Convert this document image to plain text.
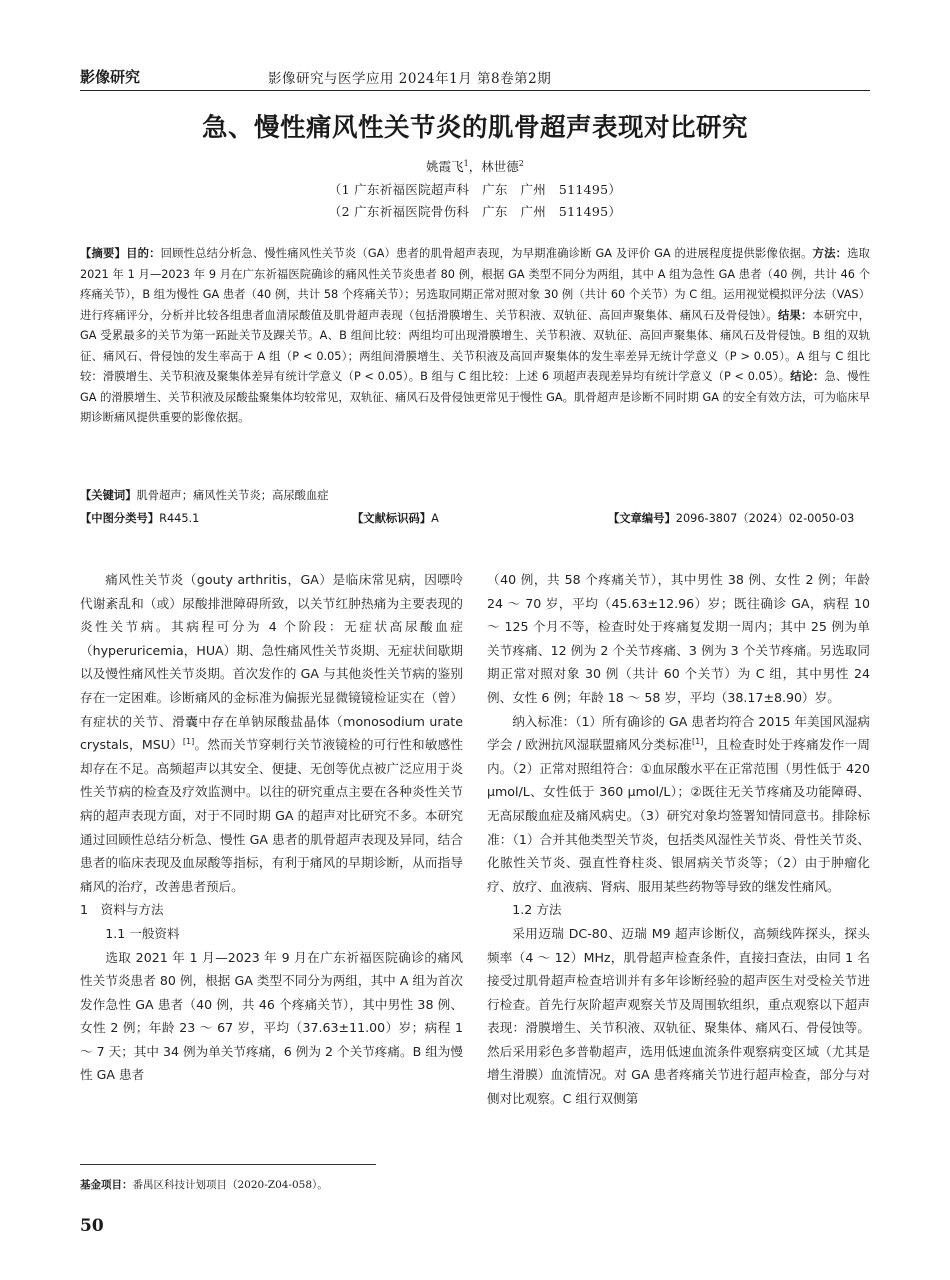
影像研究	影像研究与医学应用 2024年1月 第8卷第2期
急、慢性痛风性关节炎的肌骨超声表现对比研究
姚霞飞$^1$，林世德$^2$
（1 广东祈福医院超声科　广东　广州　511495）
（2 广东祈福医院骨伤科　广东　广州　511495）
【摘要】目的：回顾性总结分析急、慢性痛风性关节炎（GA）患者的肌骨超声表现，为早期准确诊断 GA 及评价 GA 的进展程度提供影像依据。方法：选取 2021 年 1 月—2023 年 9 月在广东祈福医院确诊的痛风性关节炎患者 80 例，根据 GA 类型不同分为两组，其中 A 组为急性 GA 患者（40 例，共计 46 个疼痛关节），B 组为慢性 GA 患者（40 例，共计 58 个疼痛关节）；另选取同期正常对照对象 30 例（共计 60 个关节）为 C 组。运用视觉模拟评分法（VAS）进行疼痛评分，分析并比较各组患者血清尿酸值及肌骨超声表现（包括滑膜增生、关节积液、双轨征、高回声聚集体、痛风石及骨侵蚀）。结果：本研究中，GA 受累最多的关节为第一跖趾关节及踝关节。A、B 组间比较：两组均可出现滑膜增生、关节积液、双轨征、高回声聚集体、痛风石及骨侵蚀。B 组的双轨征、痛风石、骨侵蚀的发生率高于 A 组（P < 0.05）；两组间滑膜增生、关节积液及高回声聚集体的发生率差异无统计学意义（P > 0.05）。A 组与 C 组比较：滑膜增生、关节积液及聚集体差异有统计学意义（P < 0.05）。B 组与 C 组比较：上述 6 项超声表现差异均有统计学意义（P < 0.05）。结论：急、慢性 GA 的滑膜增生、关节积液及尿酸盐聚集体均较常见，双轨征、痛风石及骨侵蚀更常见于慢性 GA。肌骨超声是诊断不同时期 GA 的安全有效方法，可为临床早期诊断痛风提供重要的影像依据。
【关键词】肌骨超声；痛风性关节炎；高尿酸血症
【中图分类号】R445.1	【文献标识码】A	【文章编号】2096-3807（2024）02-0050-03

痛风性关节炎（gouty arthritis，GA）是临床常见病，因嘌呤代谢紊乱和（或）尿酸排泄障碍所致，以关节红肿热痛为主要表现的炎性关节病。其病程可分为 4 个阶段：无症状高尿酸血症（hyperuricemia，HUA）期、急性痛风性关节炎期、无症状间歇期以及慢性痛风性关节炎期。首次发作的 GA 与其他炎性关节病的鉴别存在一定困难。诊断痛风的金标准为偏振光显微镜镜检证实在（曾）有症状的关节、滑囊中存在单钠尿酸盐晶体（monosodium urate crystals，MSU）[1]。然而关节穿刺行关节液镜检的可行性和敏感性却存在不足。高频超声以其安全、便捷、无创等优点被广泛应用于炎性关节病的检查及疗效监测中。以往的研究重点主要在各种炎性关节病的超声表现方面，对于不同时期 GA 的超声对比研究不多。本研究通过回顾性总结分析急、慢性 GA 患者的肌骨超声表现及异同，结合患者的临床表现及血尿酸等指标，有利于痛风的早期诊断，从而指导痛风的治疗，改善患者预后。

1　资料与方法

1.1 一般资料

选取 2021 年 1 月—2023 年 9 月在广东祈福医院确诊的痛风性关节炎患者 80 例，根据 GA 类型不同分为两组，其中 A 组为首次发作急性 GA 患者（40 例，共 46 个疼痛关节），其中男性 38 例、女性 2 例；年龄 23 ～ 67 岁，平均（37.63±11.00）岁；病程 1 ～ 7 天；其中 34 例为单关节疼痛，6 例为 2 个关节疼痛。B 组为慢性 GA 患者

（40 例，共 58 个疼痛关节），其中男性 38 例、女性 2 例；年龄 24 ～ 70 岁，平均（45.63±12.96）岁；既往确诊 GA，病程 10 ～ 125 个月不等，检查时处于疼痛复发期一周内；其中 25 例为单关节疼痛、12 例为 2 个关节疼痛、3 例为 3 个关节疼痛。另选取同期正常对照对象 30 例（共计 60 个关节）为 C 组，其中男性 24 例、女性 6 例；年龄 18 ～ 58 岁，平均（38.17±8.90）岁。

纳入标准：（1）所有确诊的 GA 患者均符合 2015 年美国风湿病学会 / 欧洲抗风湿联盟痛风分类标准[1]，且检查时处于疼痛发作一周内。（2）正常对照组符合：①血尿酸水平在正常范围（男性低于 420 μmol/L、女性低于 360 μmol/L）；②既往无关节疼痛及功能障碍、无高尿酸血症及痛风病史。（3）研究对象均签署知情同意书。排除标准：（1）合并其他类型关节炎，包括类风湿性关节炎、骨性关节炎、化脓性关节炎、强直性脊柱炎、银屑病关节炎等；（2）由于肿瘤化疗、放疗、血液病、肾病、服用某些药物等导致的继发性痛风。

1.2 方法

采用迈瑞 DC-80、迈瑞 M9 超声诊断仪，高频线阵探头，探头频率（4 ～ 12）MHz，肌骨超声检查条件，直接扫查法，由同 1 名接受过肌骨超声检查培训并有多年诊断经验的超声医生对受检关节进行检查。首先行灰阶超声观察关节及周围软组织，重点观察以下超声表现：滑膜增生、关节积液、双轨征、聚集体、痛风石、骨侵蚀等。然后采用彩色多普勒超声，选用低速血流条件观察病变区域（尤其是增生滑膜）血流情况。对 GA 患者疼痛关节进行超声检查，部分与对侧对比观察。C 组行双侧第

基金项目：番禺区科技计划项目（2020-Z04-058）。
50
